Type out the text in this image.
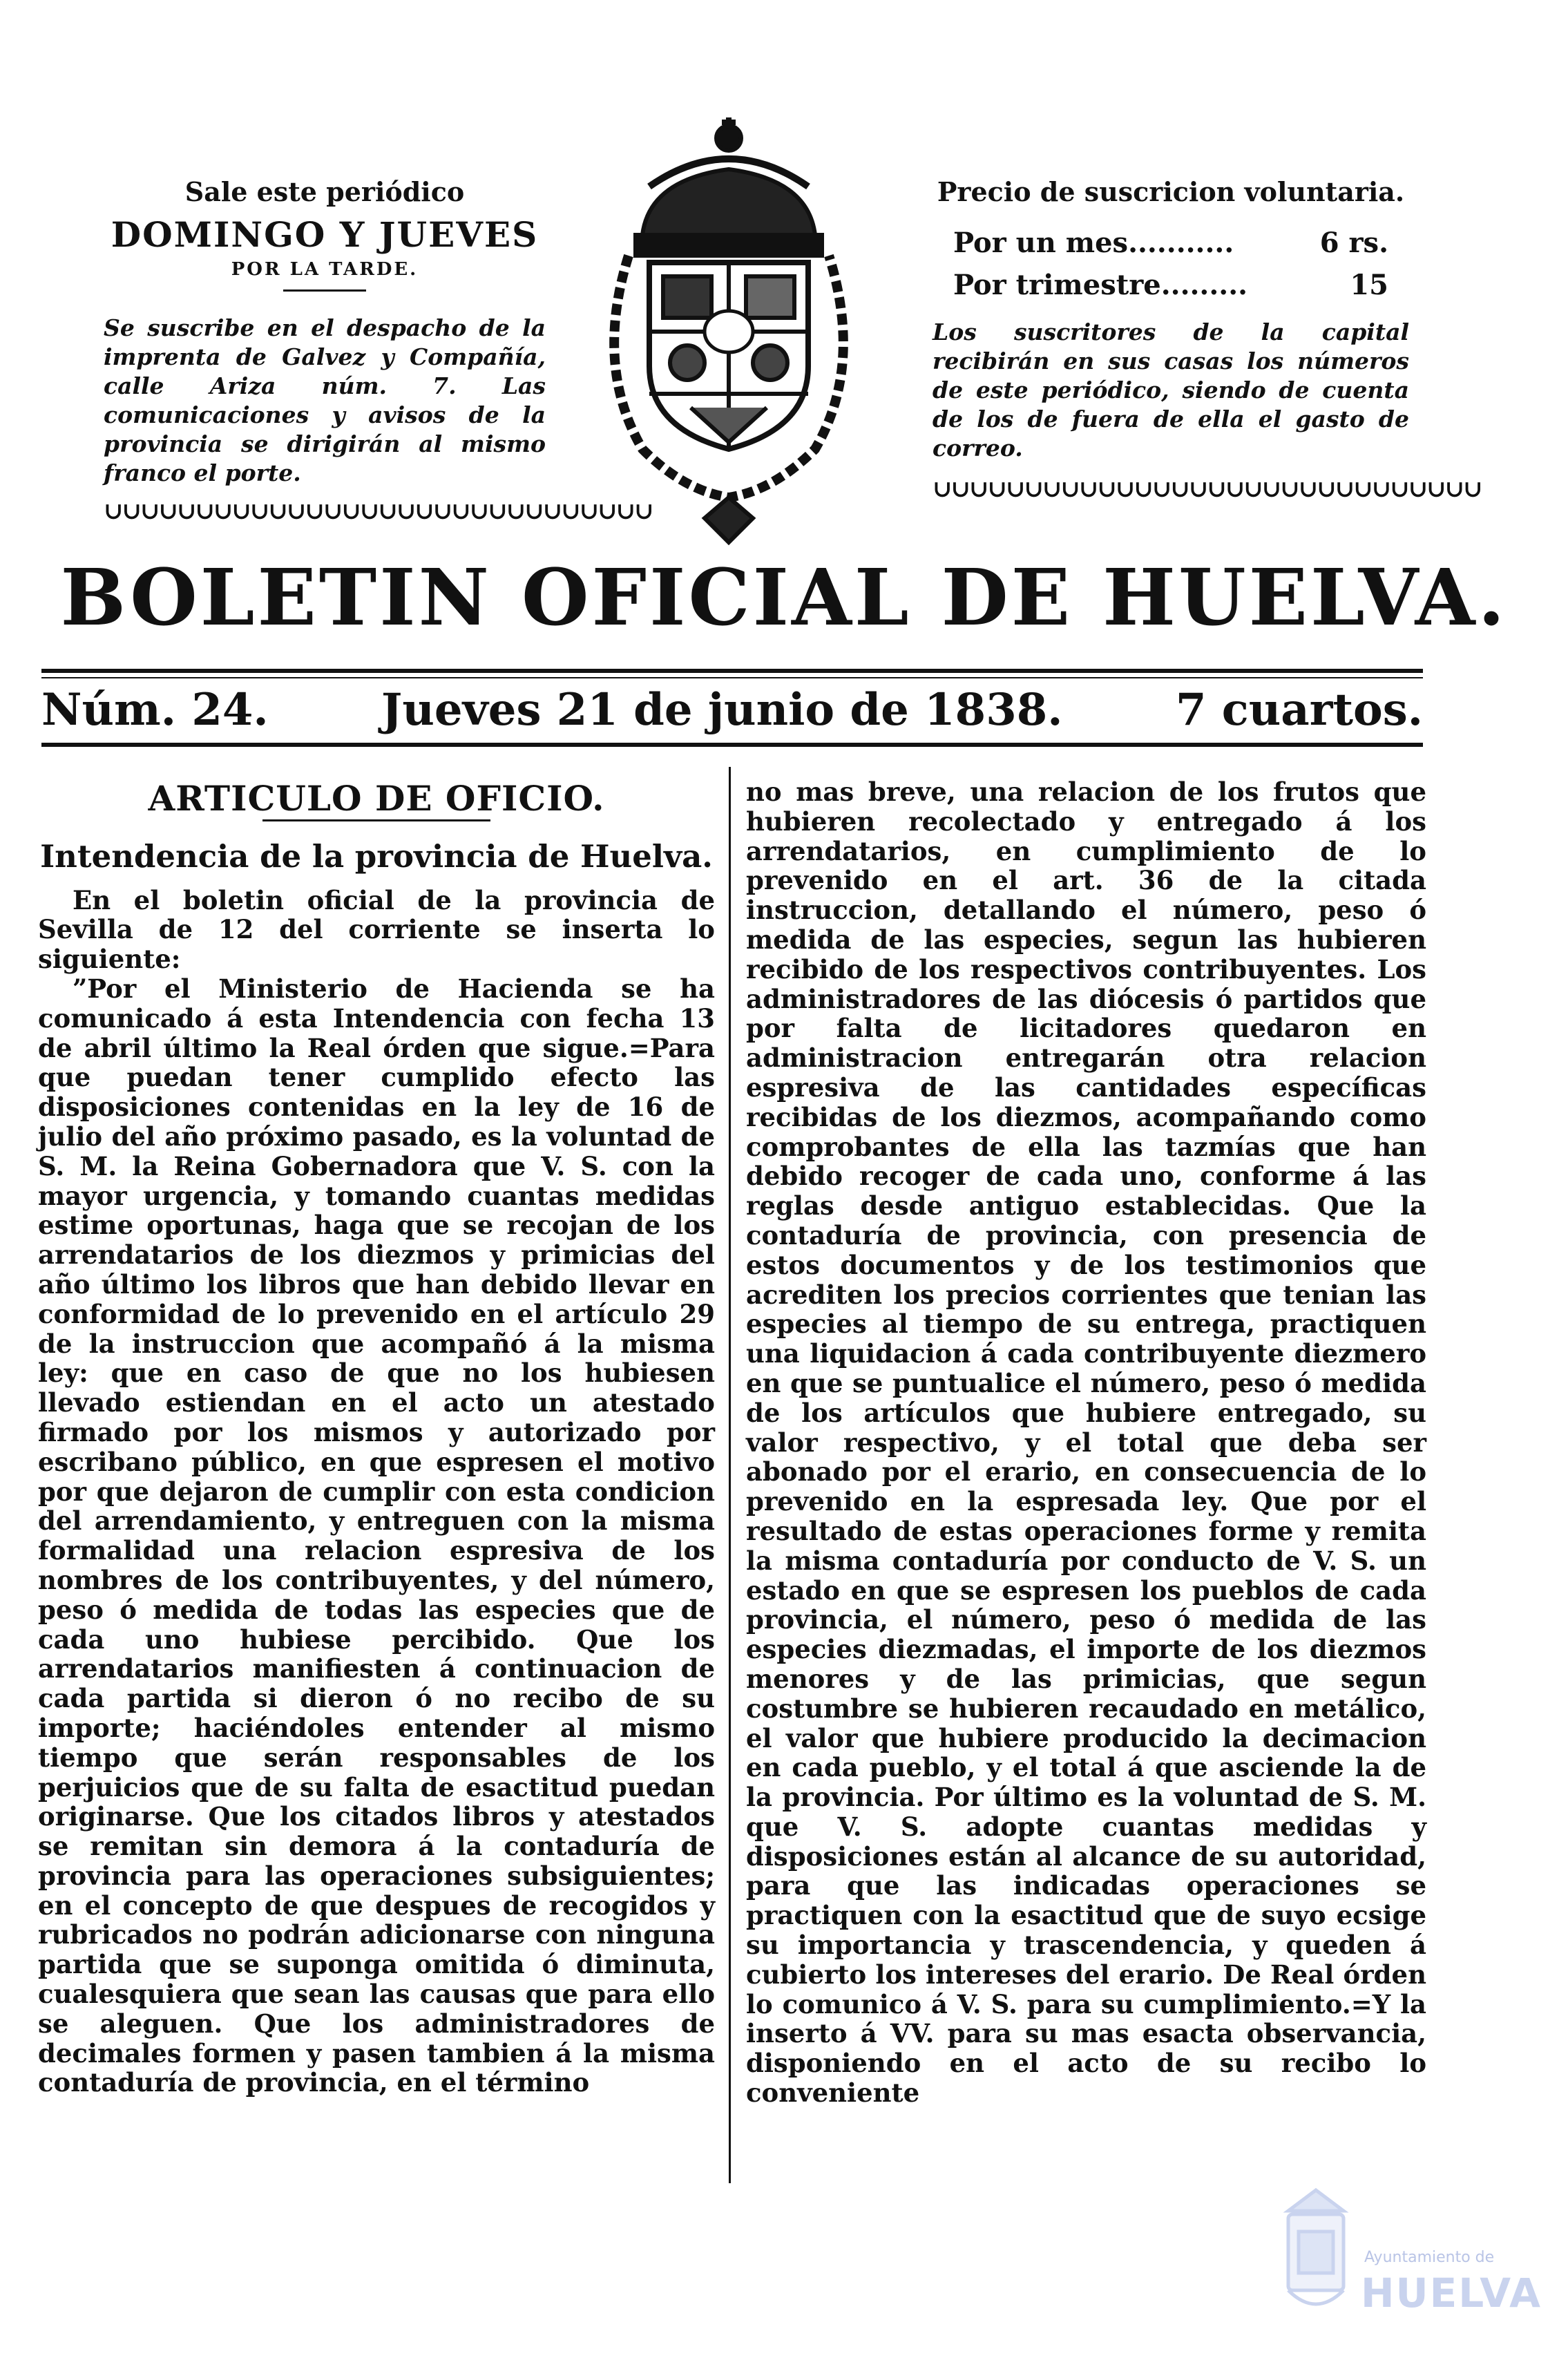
Sale este periódico
DOMINGO Y JUEVES
POR LA TARDE.
Se suscribe en el despacho de la imprenta de Galvez y Compañía, calle Ariza núm. 7. Las comunicaciones y avisos de la provincia se dirigirán al mismo franco el porte.
∪∪∪∪∪∪∪∪∪∪∪∪∪∪∪∪∪∪∪∪∪∪∪∪∪∪∪∪∪∪
Precio de suscricion voluntaria.
Por un mes...........	6 rs.
Por trimestre.........	15
Los suscritores de la capital recibirán en sus casas los números de este periódico, siendo de cuenta de los de fuera de ella el gasto de correo.
∪∪∪∪∪∪∪∪∪∪∪∪∪∪∪∪∪∪∪∪∪∪∪∪∪∪∪∪∪∪
BOLETIN OFICIAL DE HUELVA.
Núm. 24.	Jueves 21 de junio de 1838.	7 cuartos.
ARTICULO DE OFICIO.
Intendencia de la provincia de Huelva.

En el boletin oficial de la provincia de Sevilla de 12 del corriente se inserta lo siguiente:

”Por el Ministerio de Hacienda se ha comunicado á esta Intendencia con fecha 13 de abril último la Real órden que sigue.=Para que puedan tener cumplido efecto las disposiciones contenidas en la ley de 16 de julio del año próximo pasado, es la voluntad de S. M. la Reina Gobernadora que V. S. con la mayor urgencia, y tomando cuantas medidas estime oportunas, haga que se recojan de los arrendatarios de los diezmos y primicias del año último los libros que han debido llevar en conformidad de lo prevenido en el artículo 29 de la instruccion que acompañó á la misma ley: que en caso de que no los hubiesen llevado estiendan en el acto un atestado firmado por los mismos y autorizado por escribano público, en que espresen el motivo por que dejaron de cumplir con esta condicion del arrendamiento, y entreguen con la misma formalidad una relacion espresiva de los nombres de los contribuyentes, y del número, peso ó medida de todas las especies que de cada uno hubiese percibido. Que los arrendatarios manifiesten á continuacion de cada partida si dieron ó no recibo de su importe; haciéndoles entender al mismo tiempo que serán responsables de los perjuicios que de su falta de esactitud puedan originarse. Que los citados libros y atestados se remitan sin demora á la contaduría de provincia para las operaciones subsiguientes; en el concepto de que despues de recogidos y rubricados no podrán adicionarse con ninguna partida que se suponga omitida ó diminuta, cualesquiera que sean las causas que para ello se aleguen. Que los administradores de decimales formen y pasen tambien á la misma contaduría de provincia, en el término

no mas breve, una relacion de los frutos que hubieren recolectado y entregado á los arrendatarios, en cumplimiento de lo prevenido en el art. 36 de la citada instruccion, detallando el número, peso ó medida de las especies, segun las hubieren recibido de los respectivos contribuyentes. Los administradores de las diócesis ó partidos que por falta de licitadores quedaron en administracion entregarán otra relacion espresiva de las cantidades específicas recibidas de los diezmos, acompañando como comprobantes de ella las tazmías que han debido recoger de cada uno, conforme á las reglas desde antiguo establecidas. Que la contaduría de provincia, con presencia de estos documentos y de los testimonios que acrediten los precios corrientes que tenian las especies al tiempo de su entrega, practiquen una liquidacion á cada contribuyente diezmero en que se puntualice el número, peso ó medida de los artículos que hubiere entregado, su valor respectivo, y el total que deba ser abonado por el erario, en consecuencia de lo prevenido en la espresada ley. Que por el resultado de estas operaciones forme y remita la misma contaduría por conducto de V. S. un estado en que se espresen los pueblos de cada provincia, el número, peso ó medida de las especies diezmadas, el importe de los diezmos menores y de las primicias, que segun costumbre se hubieren recaudado en metálico, el valor que hubiere producido la decimacion en cada pueblo, y el total á que asciende la de la provincia. Por último es la voluntad de S. M. que V. S. adopte cuantas medidas y disposiciones están al alcance de su autoridad, para que las indicadas operaciones se practiquen con la esactitud que de suyo ecsige su importancia y trascendencia, y queden á cubierto los intereses del erario. De Real órden lo comunico á V. S. para su cumplimiento.=Y la inserto á VV. para su mas esacta observancia, disponiendo en el acto de su recibo lo conveniente

Ayuntamiento de
HUELVA
